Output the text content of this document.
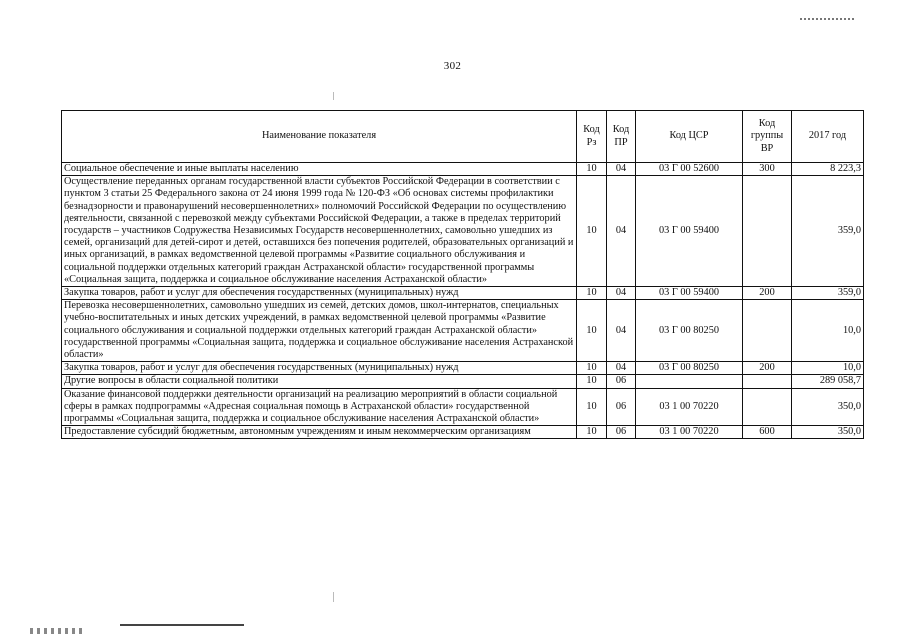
302
Наименование показателя	Код Рз	Код ПР	Код ЦСР	Код группы ВР	2017 год
Социальное обеспечение и иные выплаты населению	10	04	03 Г 00 52600	300	8 223,3
Осуществление переданных органам государственной власти субъектов Российской Федерации в соответствии с пунктом 3 статьи 25 Федерального закона от 24 июня 1999 года № 120-ФЗ «Об основах системы профилактики безнадзорности и правонарушений несовершеннолетних» полномочий Российской Федерации по осуществлению деятельности, связанной с перевозкой между субъектами Российской Федерации, а также в пределах территорий государств – участников Содружества Независимых Государств несовершеннолетних, самовольно ушедших из семей, организаций для детей-сирот и детей, оставшихся без попечения родителей, образовательных организаций и иных организаций, в рамках ведомственной целевой программы «Развитие социального обслуживания и социальной поддержки отдельных категорий граждан Астраханской области» государственной программы «Социальная защита, поддержка и социальное обслуживание населения Астраханской области»	10	04	03 Г 00 59400		359,0
Закупка товаров, работ и услуг для обеспечения государственных (муниципальных) нужд	10	04	03 Г 00 59400	200	359,0
Перевозка несовершеннолетних, самовольно ушедших из семей, детских домов, школ-интернатов, специальных учебно-воспитательных и иных детских учреждений, в рамках ведомственной целевой программы «Развитие социального обслуживания и социальной поддержки отдельных категорий граждан Астраханской области» государственной программы «Социальная защита, поддержка и социальное обслуживание населения Астраханской области»	10	04	03 Г 00 80250		10,0
Закупка товаров, работ и услуг для обеспечения государственных (муниципальных) нужд	10	04	03 Г 00 80250	200	10,0
Другие вопросы в области социальной политики	10	06			289 058,7
Оказание финансовой поддержки деятельности организаций на реализацию мероприятий в области социальной сферы в рамках подпрограммы «Адресная социальная помощь в Астраханской области» государственной программы «Социальная защита, поддержка и социальное обслуживание населения Астраханской области»	10	06	03 1 00 70220		350,0
Предоставление субсидий бюджетным, автономным учреждениям и иным некоммерческим организациям	10	06	03 1 00 70220	600	350,0
